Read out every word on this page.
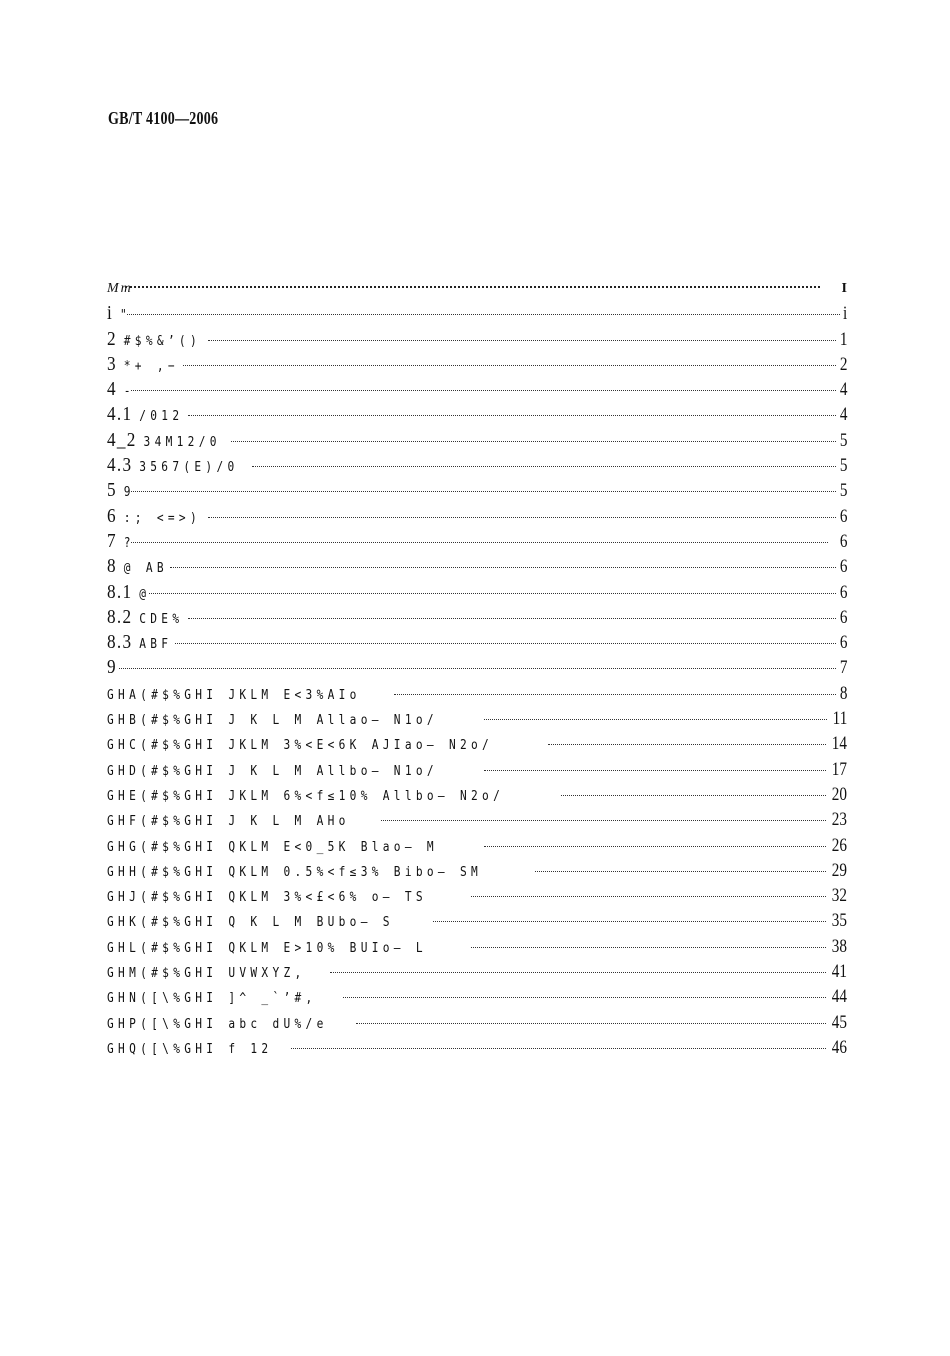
GB/T 4100—2006
Mm	I
i "	i
2 #$%&’()	1
3 *+ ,−	2
4 -	4
4.1 /012	4
4_2 34M12/0	5
4.3 3567(E)/0	5
5 9	5
6 :; <=>)	6
7 ?	6
8 @ AB	6
8.1 @	6
8.2 CDE%	6
8.3 ABF	6
9	7
GHA(#$%GHI JKLM E<3%AIo	8
GHB(#$%GHI J K L M Allao— N1o/	11
GHC(#$%GHI JKLM 3%<E<6K AJIao— N2o/	14
GHD(#$%GHI J K L M Allbo— N1o/	17
GHE(#$%GHI JKLM 6%<f≤10% Allbo— N2o/	20
GHF(#$%GHI J K L M AHo	23
GHG(#$%GHI QKLM E<0_5K Blao— M	26
GHH(#$%GHI QKLM 0.5%<f≤3% Bibo— SM	29
GHJ(#$%GHI QKLM 3%<£<6% o— TS	32
GHK(#$%GHI Q K L M BUbo— S	35
GHL(#$%GHI QKLM E>10% BUIo— L	38
GHM(#$%GHI UVWXYZ,	41
GHN([\%GHI ]^ _`’#,	44
GHP([\%GHI abc dU%/e	45
GHQ([\%GHI f 12	46
